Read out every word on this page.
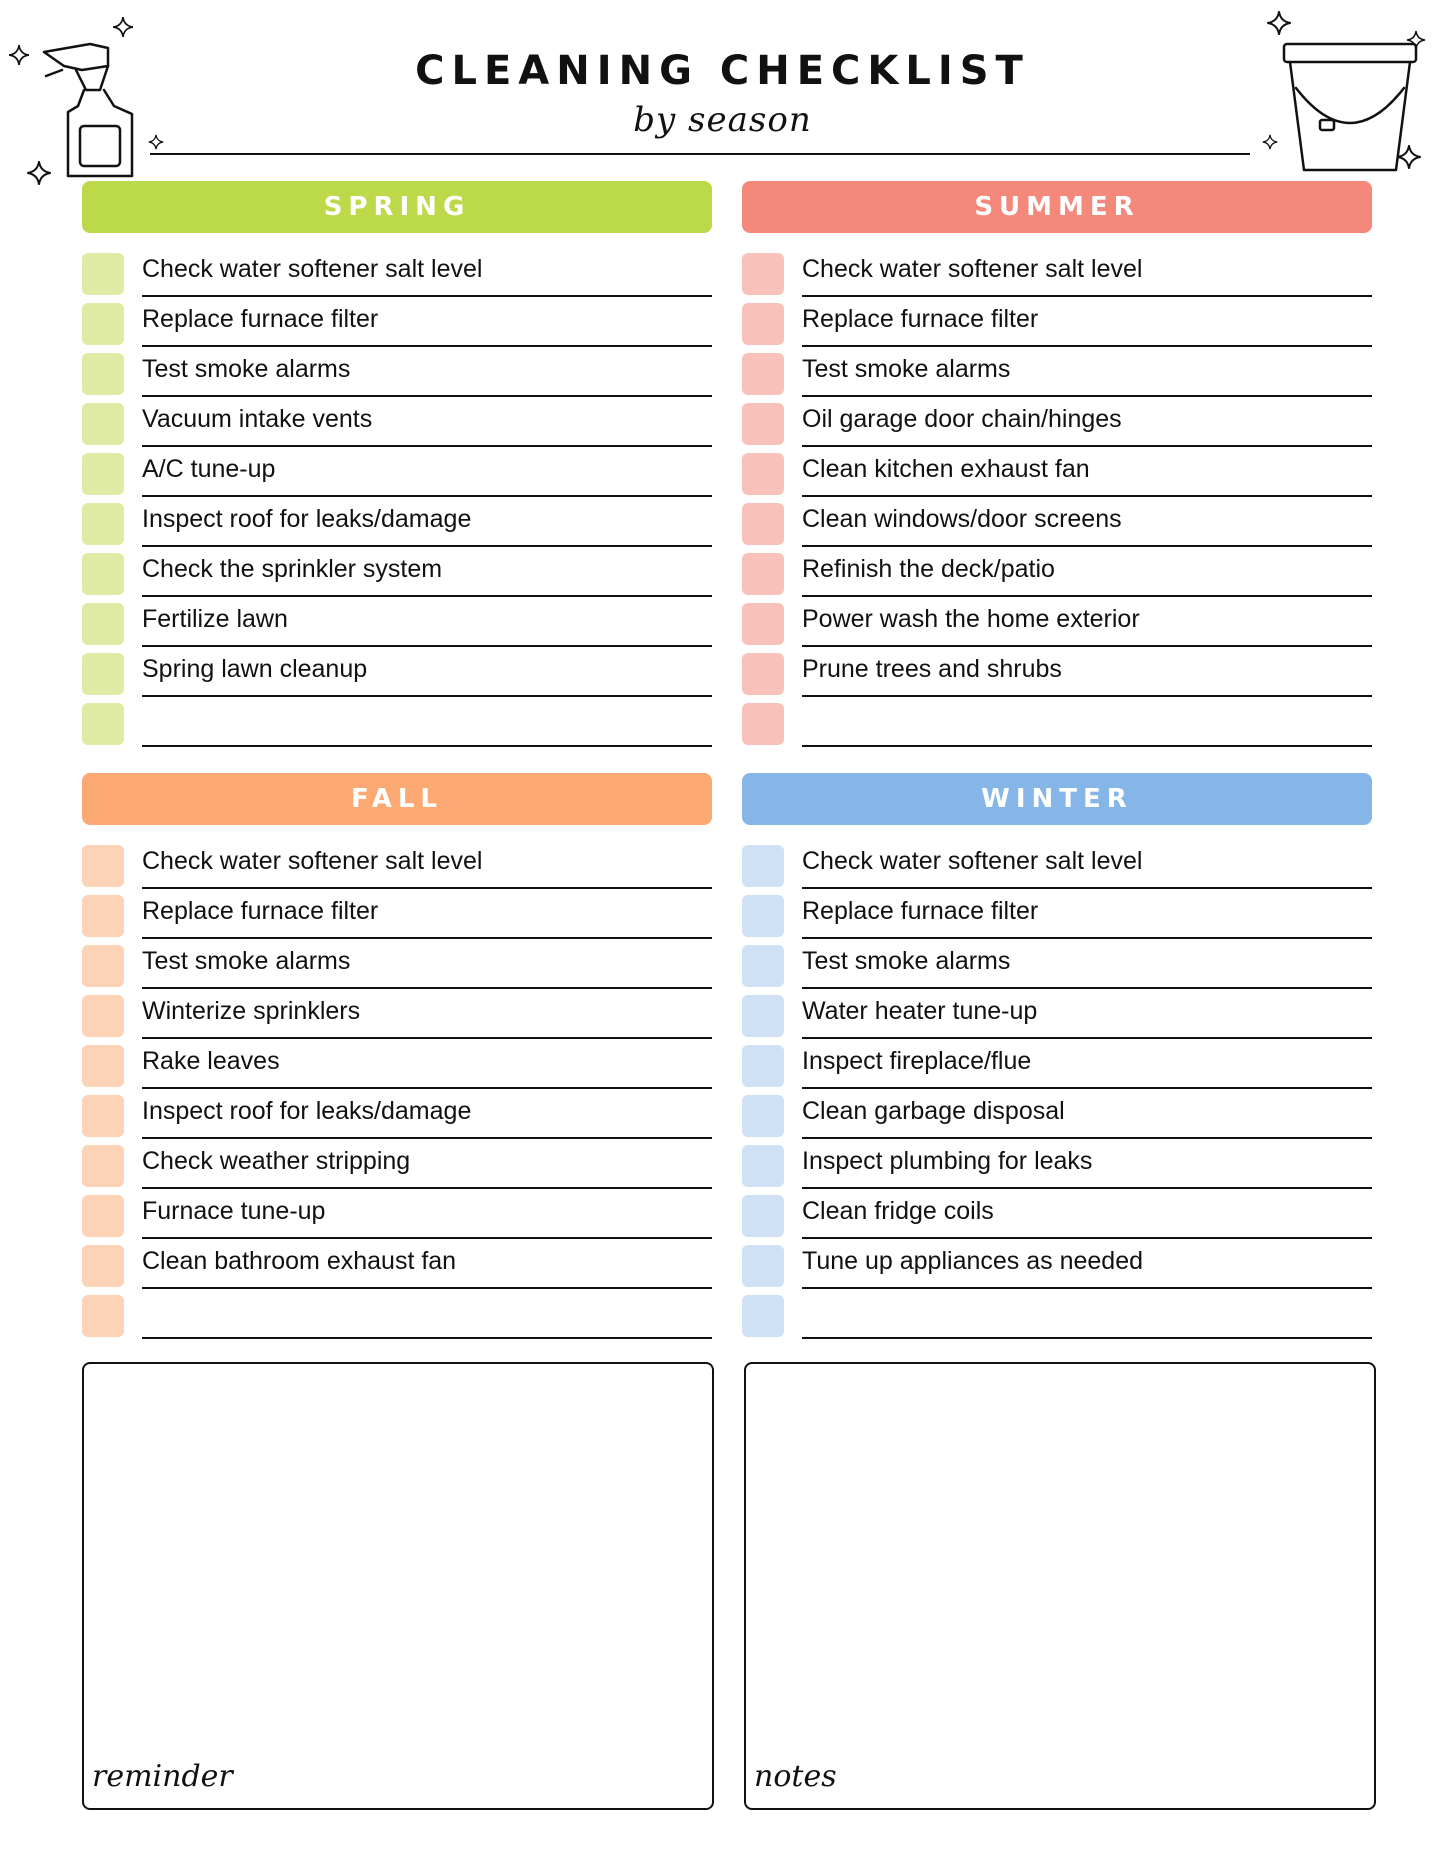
CLEANING CHECKLIST
by season
SPRING
Check water softener salt level
Replace furnace filter
Test smoke alarms
Vacuum intake vents
A/C tune-up
Inspect roof for leaks/damage
Check the sprinkler system
Fertilize lawn
Spring lawn cleanup
SUMMER
Check water softener salt level
Replace furnace filter
Test smoke alarms
Oil garage door chain/hinges
Clean kitchen exhaust fan
Clean windows/door screens
Refinish the deck/patio
Power wash the home exterior
Prune trees and shrubs
FALL
Check water softener salt level
Replace furnace filter
Test smoke alarms
Winterize sprinklers
Rake leaves
Inspect roof for leaks/damage
Check weather stripping
Furnace tune-up
Clean bathroom exhaust fan
WINTER
Check water softener salt level
Replace furnace filter
Test smoke alarms
Water heater tune-up
Inspect fireplace/flue
Clean garbage disposal
Inspect plumbing for leaks
Clean fridge coils
Tune up appliances as needed
reminder	notes
